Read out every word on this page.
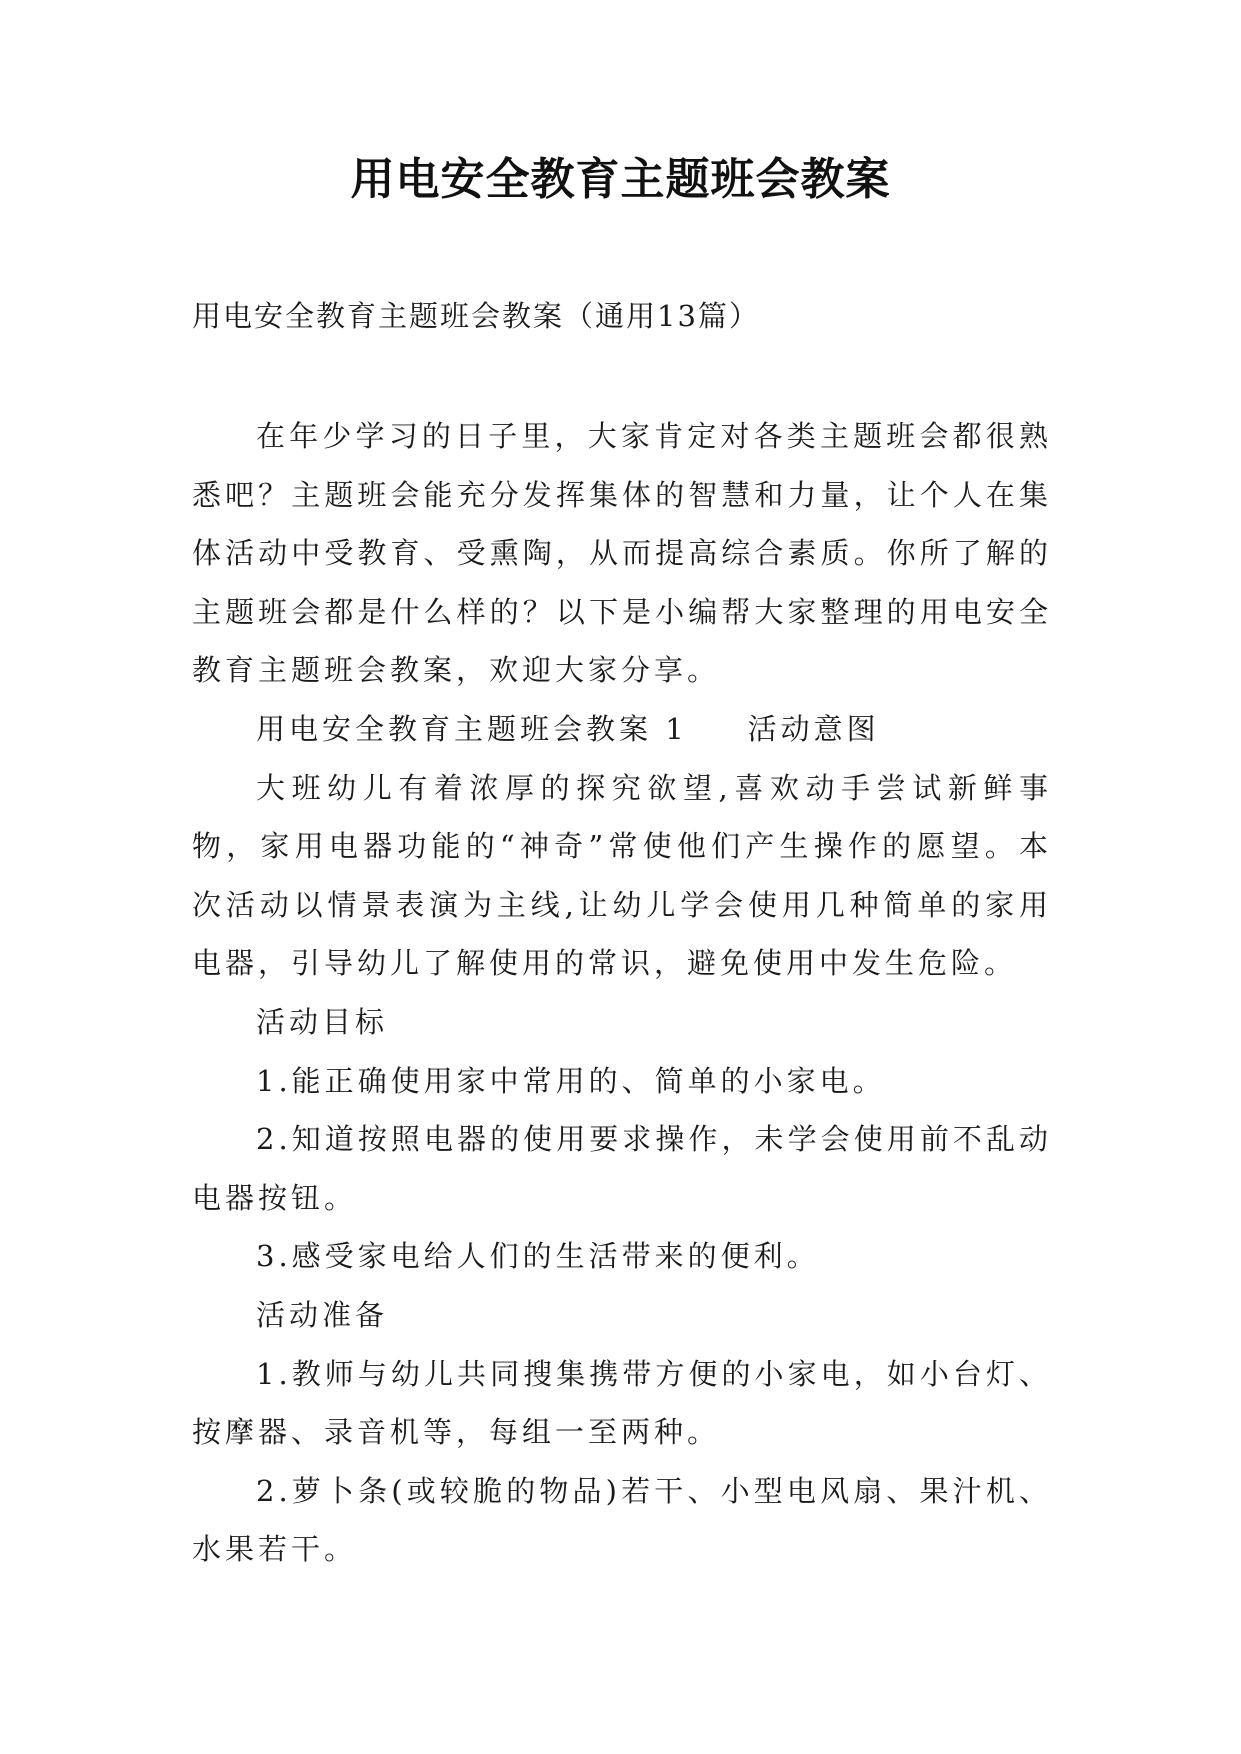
用电安全教育主题班会教案
用电安全教育主题班会教案（通用13篇）

在年少学习的日子里，大家肯定对各类主题班会都很熟悉吧？主题班会能充分发挥集体的智慧和力量，让个人在集体活动中受教育、受熏陶，从而提高综合素质。你所了解的主题班会都是什么样的？以下是小编帮大家整理的用电安全教育主题班会教案，欢迎大家分享。

用电安全教育主题班会教案 1 活动意图

大班幼儿有着浓厚的探究欲望,喜欢动手尝试新鲜事物，家用电器功能的“神奇”常使他们产生操作的愿望。本次活动以情景表演为主线,让幼儿学会使用几种简单的家用电器，引导幼儿了解使用的常识，避免使用中发生危险。

活动目标

1.能正确使用家中常用的、简单的小家电。

2.知道按照电器的使用要求操作，未学会使用前不乱动电器按钮。

3.感受家电给人们的生活带来的便利。

活动准备

1.教师与幼儿共同搜集携带方便的小家电，如小台灯、按摩器、录音机等，每组一至两种。

2.萝卜条(或较脆的物品)若干、小型电风扇、果汁机、水果若干。
